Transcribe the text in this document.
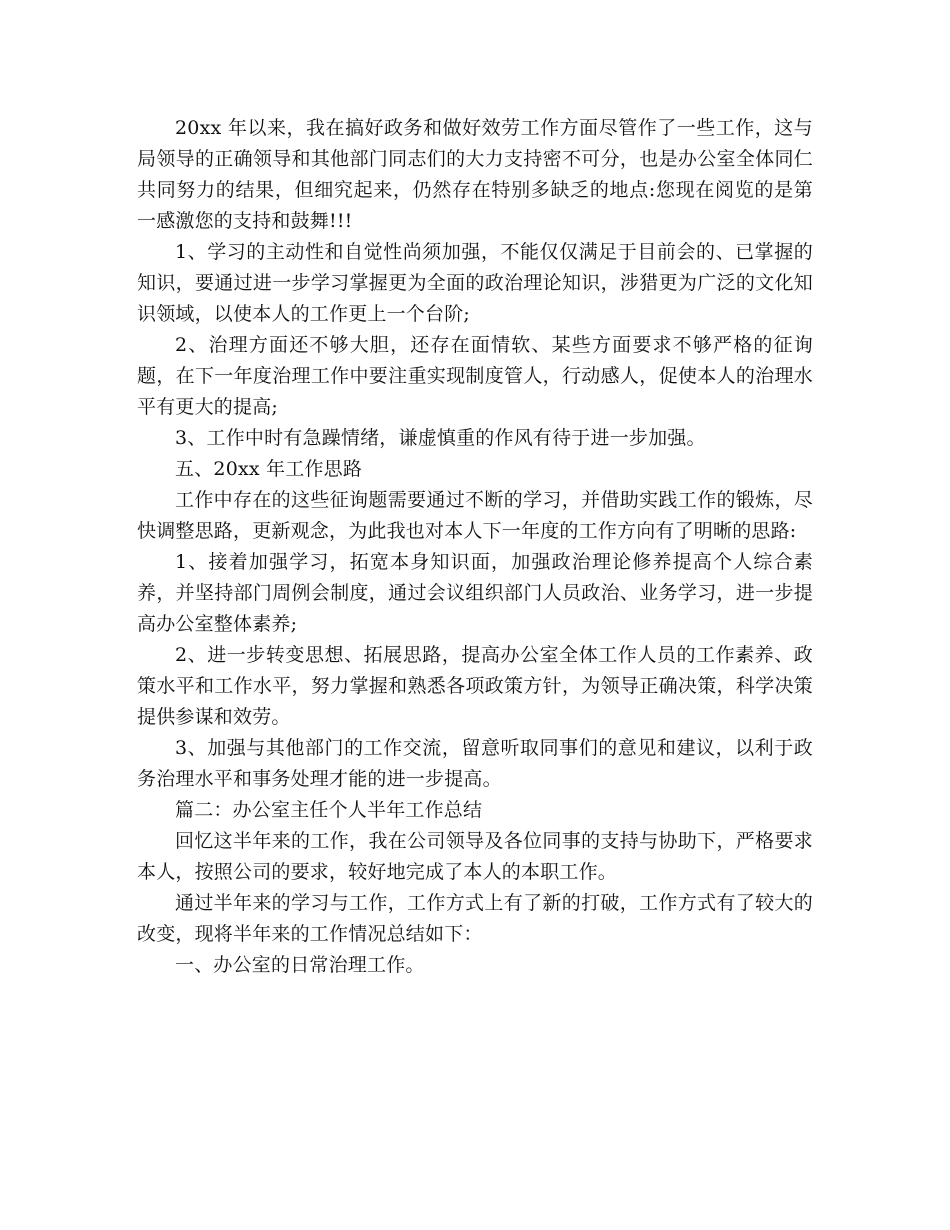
20xx 年以来，我在搞好政务和做好效劳工作方面尽管作了一些工作，这与局领导的正确领导和其他部门同志们的大力支持密不可分，也是办公室全体同仁共同努力的结果，但细究起来，仍然存在特别多缺乏的地点:您现在阅览的是第一感激您的支持和鼓舞!!!

1、学习的主动性和自觉性尚须加强，不能仅仅满足于目前会的、已掌握的知识，要通过进一步学习掌握更为全面的政治理论知识，涉猎更为广泛的文化知识领域，以使本人的工作更上一个台阶;

2、治理方面还不够大胆，还存在面情软、某些方面要求不够严格的征询题，在下一年度治理工作中要注重实现制度管人，行动感人，促使本人的治理水平有更大的提高;

3、工作中时有急躁情绪，谦虚慎重的作风有待于进一步加强。

五、20xx 年工作思路

工作中存在的这些征询题需要通过不断的学习，并借助实践工作的锻炼，尽快调整思路，更新观念，为此我也对本人下一年度的工作方向有了明晰的思路:

1、接着加强学习，拓宽本身知识面，加强政治理论修养提高个人综合素养，并坚持部门周例会制度，通过会议组织部门人员政治、业务学习，进一步提高办公室整体素养;

2、进一步转变思想、拓展思路，提高办公室全体工作人员的工作素养、政策水平和工作水平，努力掌握和熟悉各项政策方针，为领导正确决策，科学决策提供参谋和效劳。

3、加强与其他部门的工作交流，留意听取同事们的意见和建议，以利于政务治理水平和事务处理才能的进一步提高。

篇二：办公室主任个人半年工作总结

回忆这半年来的工作，我在公司领导及各位同事的支持与协助下，严格要求本人，按照公司的要求，较好地完成了本人的本职工作。

通过半年来的学习与工作，工作方式上有了新的打破，工作方式有了较大的改变，现将半年来的工作情况总结如下：

一、办公室的日常治理工作。
